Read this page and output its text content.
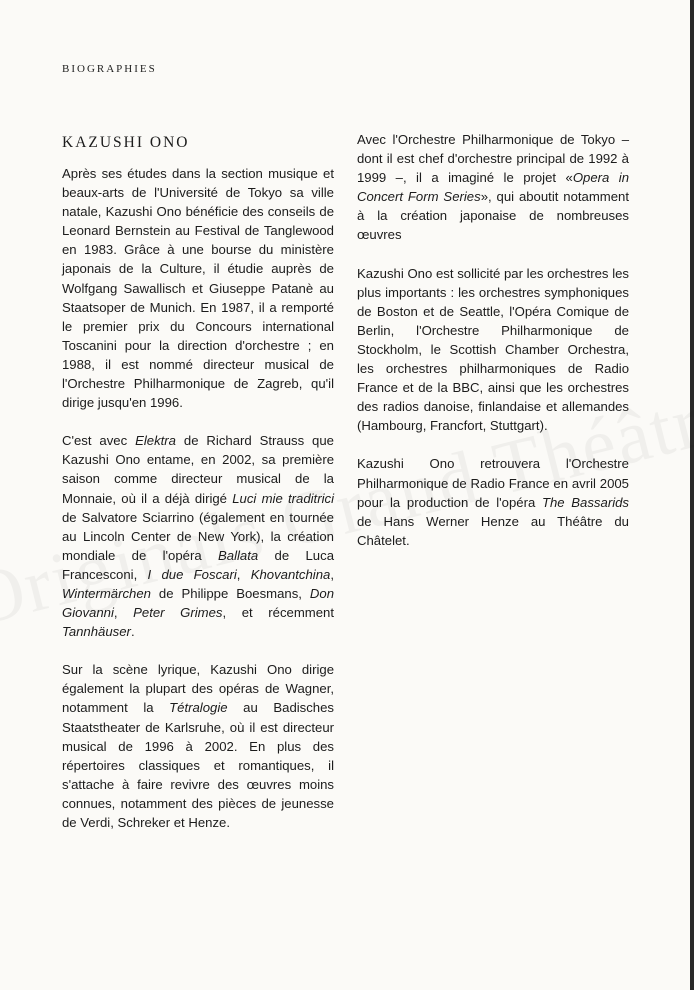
BIOGRAPHIES
KAZUSHI ONO

Après ses études dans la section musique et beaux-arts de l'Université de Tokyo sa ville natale, Kazushi Ono bénéficie des conseils de Leonard Bernstein au Festival de Tanglewood en 1983. Grâce à une bourse du ministère japonais de la Culture, il étudie auprès de Wolfgang Sawallisch et Giuseppe Patanè au Staatsoper de Munich. En 1987, il a remporté le premier prix du Concours international Toscanini pour la direction d'orchestre ; en 1988, il est nommé directeur musical de l'Orchestre Philharmonique de Zagreb, qu'il dirige jusqu'en 1996.

C'est avec Elektra de Richard Strauss que Kazushi Ono entame, en 2002, sa première saison comme directeur musical de la Monnaie, où il a déjà dirigé Luci mie traditrici de Salvatore Sciarrino (également en tournée au Lincoln Center de New York), la création mondiale de l'opéra Ballata de Luca Francesconi, I due Foscari, Khovantchina, Wintermärchen de Philippe Boesmans, Don Giovanni, Peter Grimes, et récemment Tannhäuser.

Sur la scène lyrique, Kazushi Ono dirige également la plupart des opéras de Wagner, notamment la Tétralogie au Badisches Staatstheater de Karlsruhe, où il est directeur musical de 1996 à 2002. En plus des répertoires classiques et romantiques, il s'attache à faire revivre des œuvres moins connues, notamment des pièces de jeunesse de Verdi, Schreker et Henze.

Avec l'Orchestre Philharmonique de Tokyo – dont il est chef d'orchestre principal de 1992 à 1999 –, il a imaginé le projet «Opera in Concert Form Series», qui aboutit notamment à la création japonaise de nombreuses œuvres

Kazushi Ono est sollicité par les orchestres les plus importants : les orchestres symphoniques de Boston et de Seattle, l'Opéra Comique de Berlin, l'Orchestre Philharmonique de Stockholm, le Scottish Chamber Orchestra, les orchestres philharmoniques de Radio France et de la BBC, ainsi que les orchestres des radios danoise, finlandaise et allemandes (Hambourg, Francfort, Stuttgart).

Kazushi Ono retrouvera l'Orchestre Philharmonique de Radio France en avril 2005 pour la production de l'opéra The Bassarids de Hans Werner Henze au Théâtre du Châtelet.
